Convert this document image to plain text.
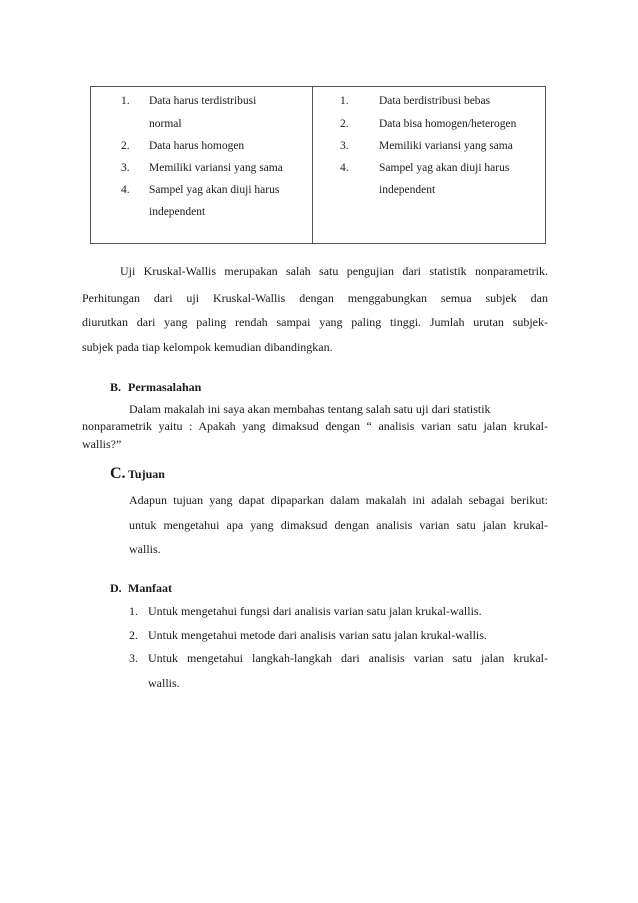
1.	Data harus terdistribusi
normal
2.	Data harus homogen
3.	Memiliki variansi yang sama
4.	Sampel yag akan diuji harus
independent
1.	Data berdistribusi bebas
2.	Data bisa homogen/heterogen
3.	Memiliki variansi yang sama
4.	Sampel yag akan diuji harus
independent
Uji Kruskal-Wallis merupakan salah satu pengujian dari statistik nonparametrik.
Perhitungan dari uji Kruskal-Wallis dengan menggabungkan semua subjek dan
diurutkan dari yang paling rendah sampai yang paling tinggi. Jumlah urutan subjek-
subjek pada tiap kelompok kemudian dibandingkan.
B. Permasalahan
Dalam makalah ini saya akan membahas tentang salah satu uji dari statistik
nonparametrik yaitu : Apakah yang dimaksud dengan “ analisis varian satu jalan krukal-
wallis?”
C. Tujuan
Adapun tujuan yang dapat dipaparkan dalam makalah ini adalah sebagai berikut:
untuk mengetahui apa yang dimaksud dengan analisis varian satu jalan krukal-
wallis.
D. Manfaat
1. Untuk mengetahui fungsi dari analisis varian satu jalan krukal-wallis.
2. Untuk mengetahui metode dari analisis varian satu jalan krukal-wallis.
3. Untuk mengetahui langkah-langkah dari analisis varian satu jalan krukal-
wallis.
